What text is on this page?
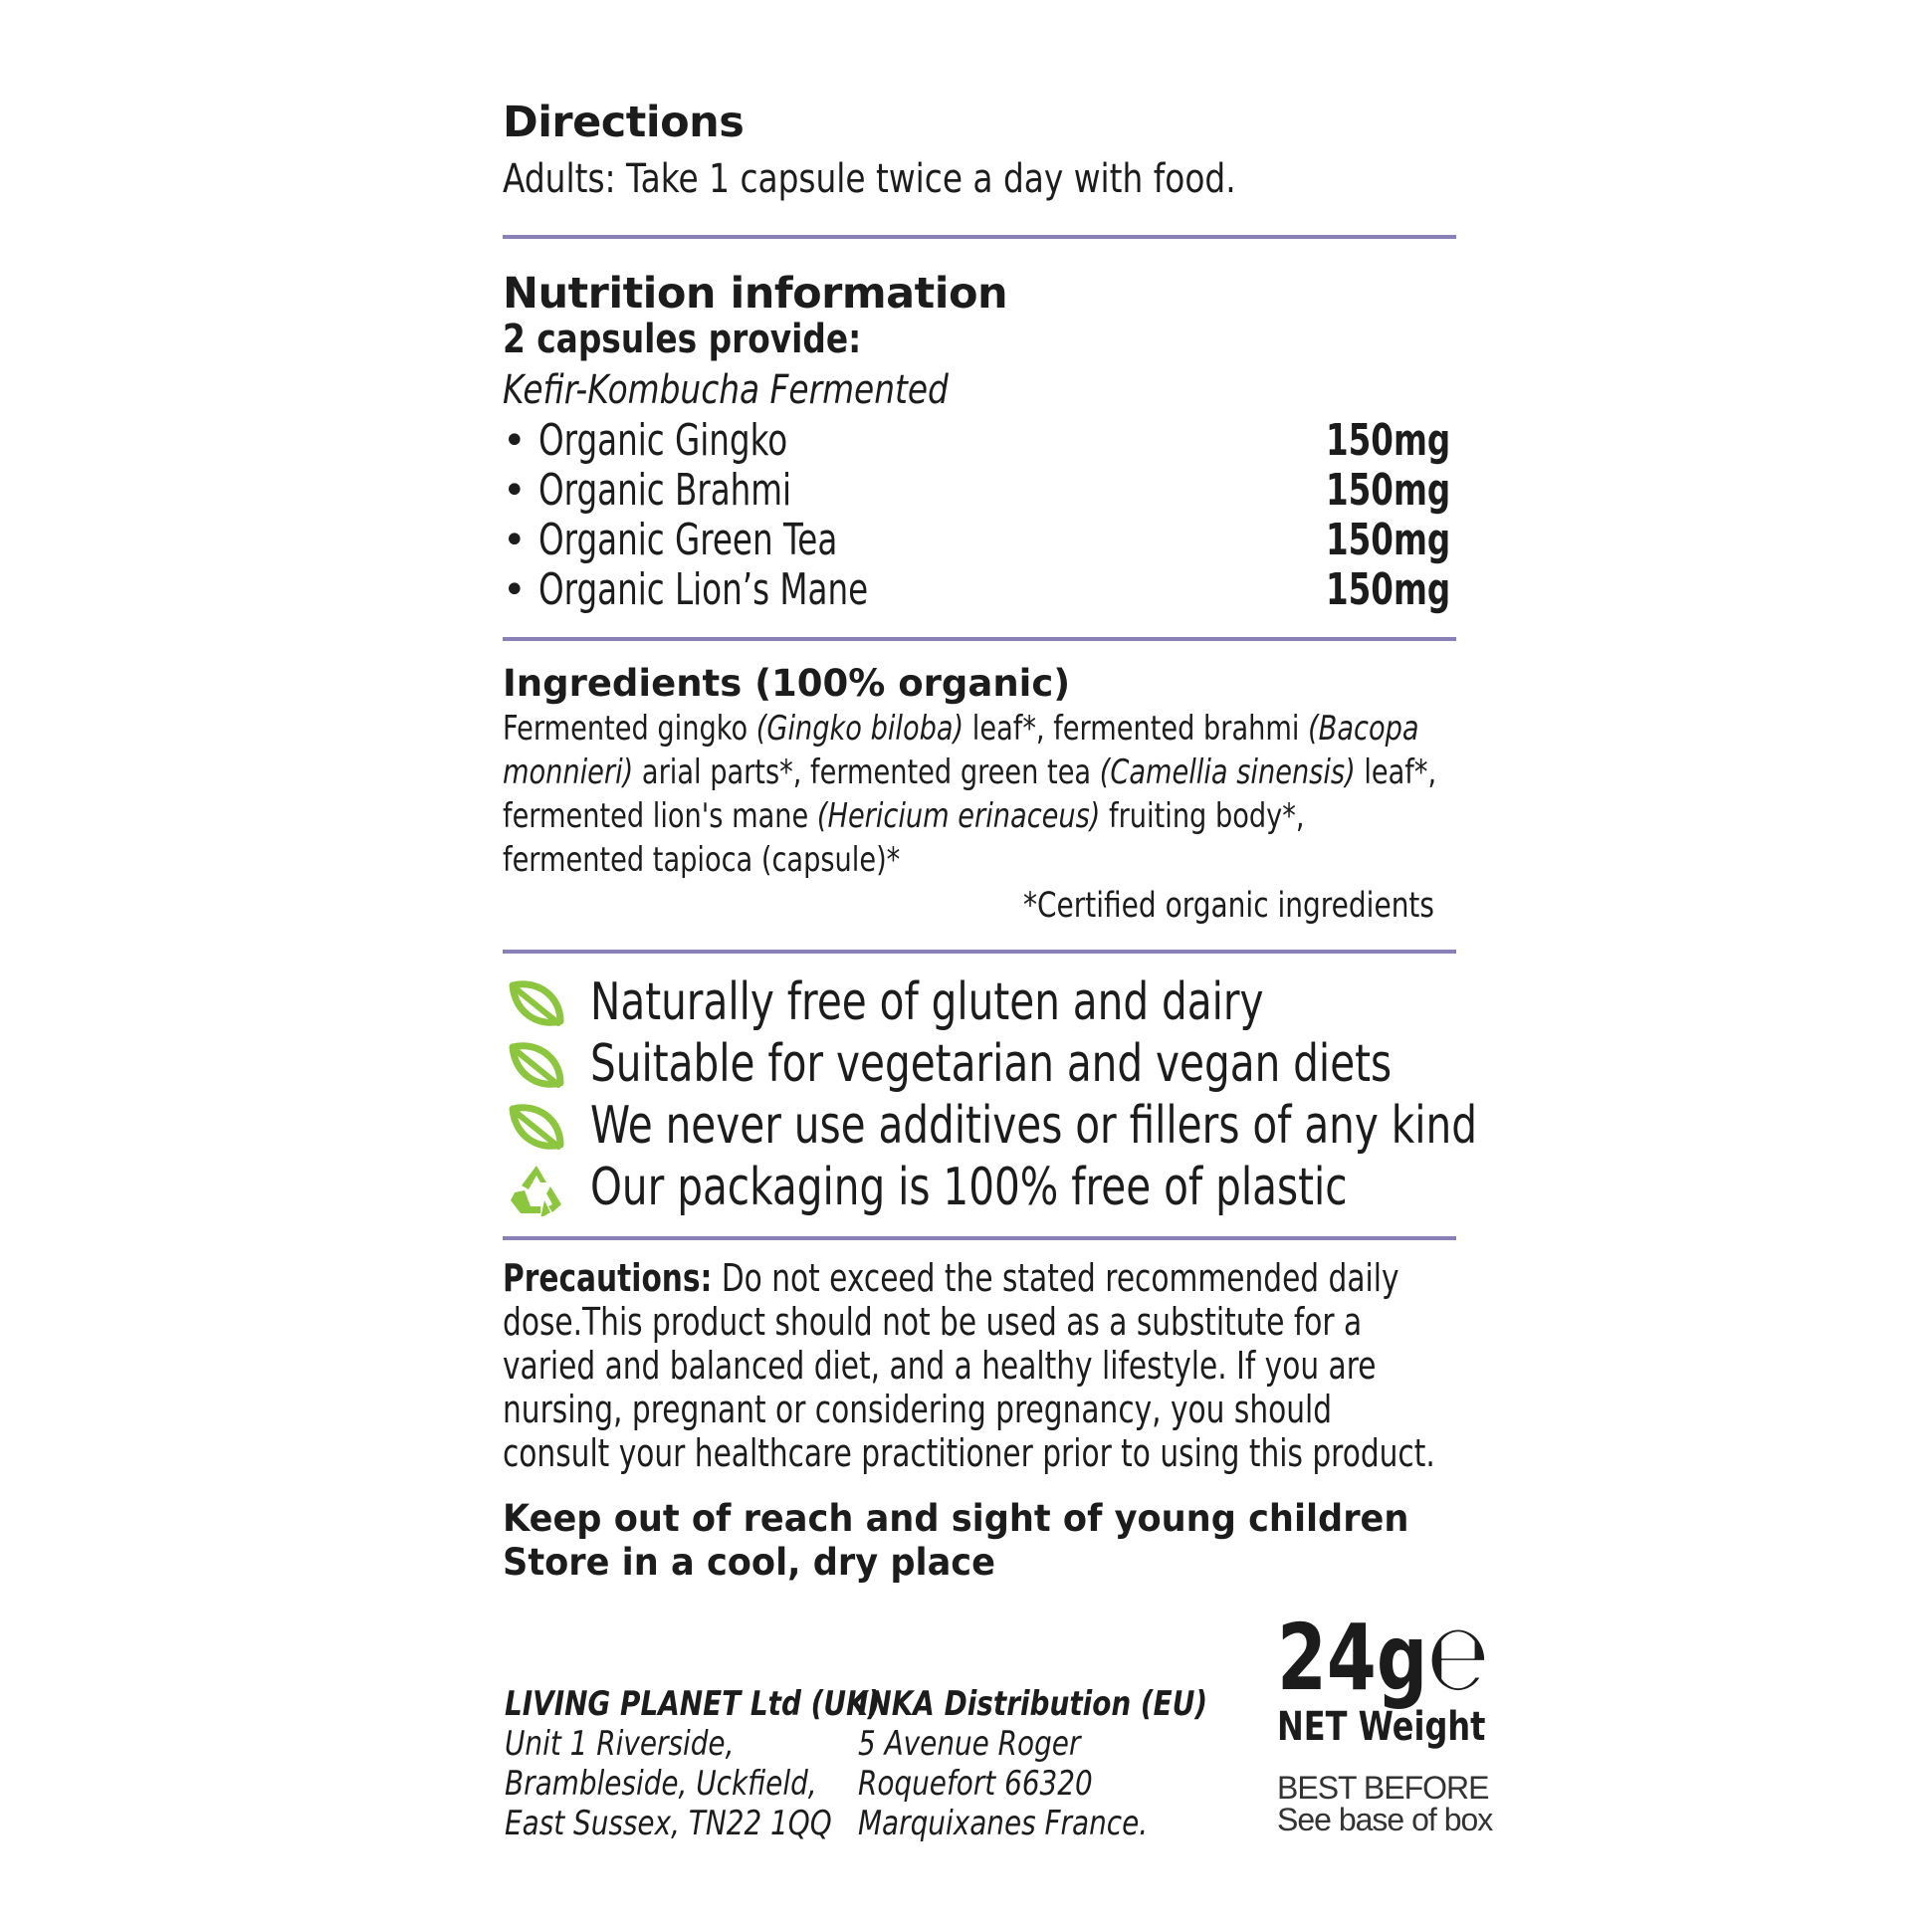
Directions

Adults: Take 1 capsule twice a day with food.

Nutrition information

2 capsules provide:

Kefir-Kombucha Fermented

• Organic Gingko	150mg
• Organic Brahmi	150mg
• Organic Green Tea	150mg
• Organic Lion’s Mane	150mg
Ingredients (100% organic)

Fermented gingko (Gingko biloba) leaf*, fermented brahmi (Bacopa

monnieri) arial parts*, fermented green tea (Camellia sinensis) leaf*,

fermented lion's mane (Hericium erinaceus) fruiting body*,

fermented tapioca (capsule)*

*Certified organic ingredients

Naturally free of gluten and dairy
Suitable for vegetarian and vegan diets
We never use additives or fillers of any kind
Our packaging is 100% free of plastic

Precautions: Do not exceed the stated recommended daily

dose.This product should not be used as a substitute for a

varied and balanced diet, and a healthy lifestyle. If you are

nursing, pregnant or considering pregnancy, you should

consult your healthcare practitioner prior to using this product.

Keep out of reach and sight of young children

Store in a cool, dry place

LIVING PLANET Ltd (UK)
Unit 1 Riverside,
Brambleside, Uckfield,
East Sussex, TN22 1QQ
INKA Distribution (EU)
5 Avenue Roger
Roquefort 66320
Marquixanes France.
24g℮
NET Weight
BEST BEFORE
See base of box
